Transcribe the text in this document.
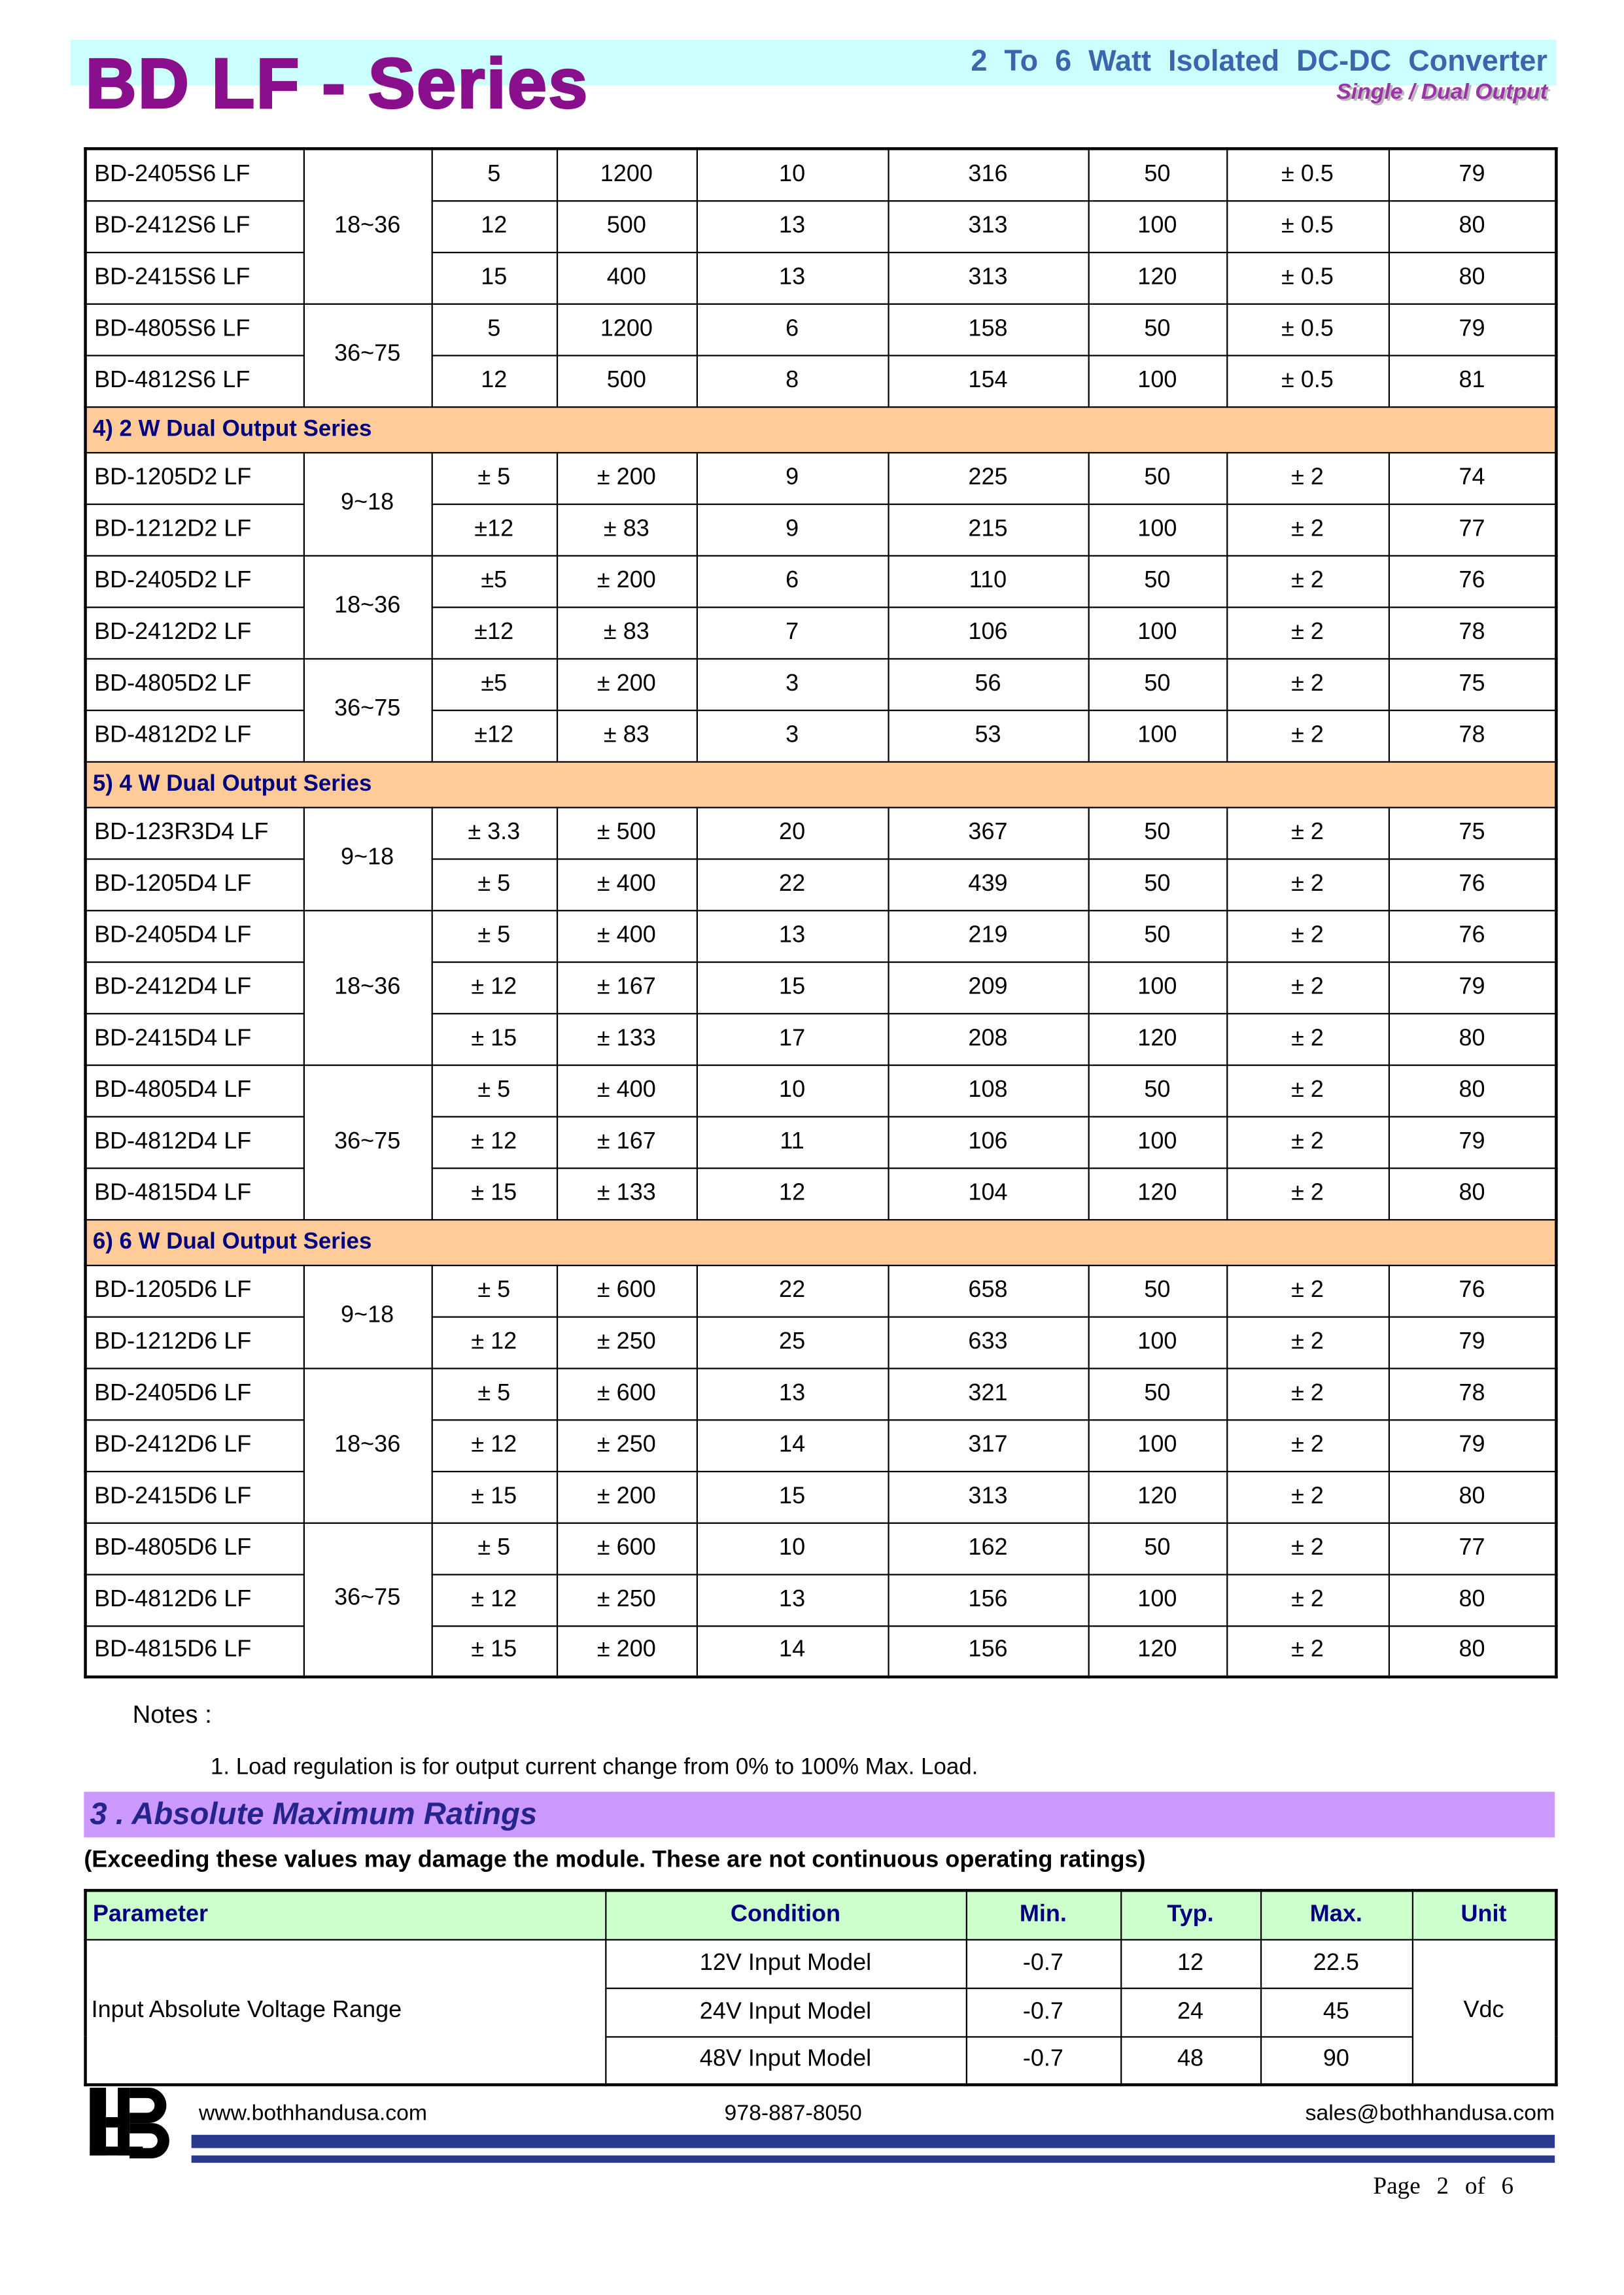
BD LF - Series	2 To 6 Watt Isolated DC-DC Converter
Single / Dual Output
BD-2405S6 LF	18~36	5	1200	10	316	50	± 0.5	79
BD-2412S6 LF		12	500	13	313	100	± 0.5	80
BD-2415S6 LF		15	400	13	313	120	± 0.5	80
BD-4805S6 LF	36~75	5	1200	6	158	50	± 0.5	79
BD-4812S6 LF		12	500	8	154	100	± 0.5	81
4) 2 W Dual Output Series								
BD-1205D2 LF	9~18	± 5	± 200	9	225	50	± 2	74
BD-1212D2 LF		±12	± 83	9	215	100	± 2	77
BD-2405D2 LF	18~36	±5	± 200	6	110	50	± 2	76
BD-2412D2 LF		±12	± 83	7	106	100	± 2	78
BD-4805D2 LF	36~75	±5	± 200	3	56	50	± 2	75
BD-4812D2 LF		±12	± 83	3	53	100	± 2	78
5) 4 W Dual Output Series								
BD-123R3D4 LF	9~18	± 3.3	± 500	20	367	50	± 2	75
BD-1205D4 LF		± 5	± 400	22	439	50	± 2	76
BD-2405D4 LF	18~36	± 5	± 400	13	219	50	± 2	76
BD-2412D4 LF		± 12	± 167	15	209	100	± 2	79
BD-2415D4 LF		± 15	± 133	17	208	120	± 2	80
BD-4805D4 LF	36~75	± 5	± 400	10	108	50	± 2	80
BD-4812D4 LF		± 12	± 167	11	106	100	± 2	79
BD-4815D4 LF		± 15	± 133	12	104	120	± 2	80
6) 6 W Dual Output Series								
BD-1205D6 LF	9~18	± 5	± 600	22	658	50	± 2	76
BD-1212D6 LF		± 12	± 250	25	633	100	± 2	79
BD-2405D6 LF	18~36	± 5	± 600	13	321	50	± 2	78
BD-2412D6 LF		± 12	± 250	14	317	100	± 2	79
BD-2415D6 LF		± 15	± 200	15	313	120	± 2	80
BD-4805D6 LF	36~75	± 5	± 600	10	162	50	± 2	77
BD-4812D6 LF		± 12	± 250	13	156	100	± 2	80
BD-4815D6 LF		± 15	± 200	14	156	120	± 2	80
Notes :
1. Load regulation is for output current change from 0% to 100% Max. Load.
3 . Absolute Maximum Ratings
(Exceeding these values may damage the module. These are not continuous operating ratings)
Parameter	Condition	Min.	Typ.	Max.	Unit
Input Absolute Voltage Range	12V Input Model	-0.7	12	22.5	Vdc
	24V Input Model	-0.7	24	45	
	48V Input Model	-0.7	48	90	
www.bothhandusa.com	978-887-8050	sales@bothhandusa.com
Page 2 of 6
